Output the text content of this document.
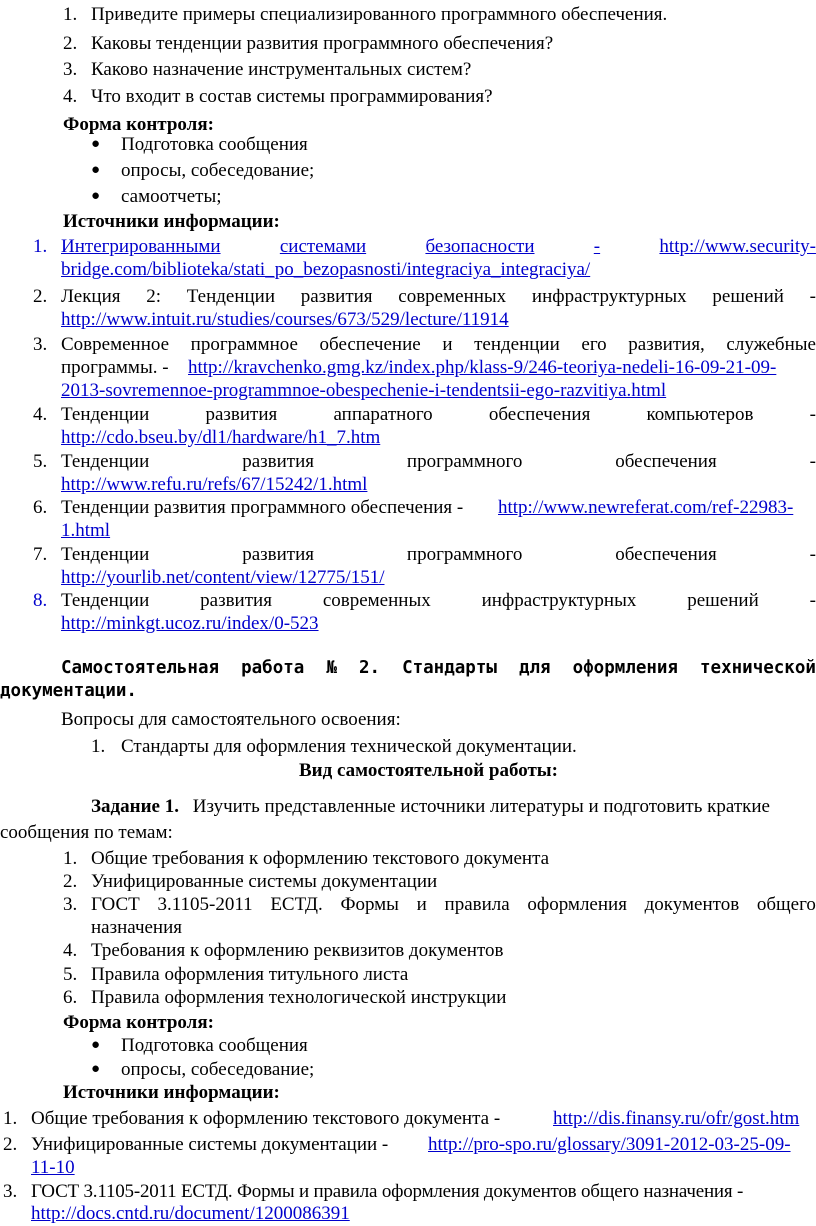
1. Приведите примеры специализированного программного обеспечения.
2. Каковы тенденции развития программного обеспечения?
3. Каково назначение инструментальных систем?
4. Что входит в состав системы программирования?
Форма контроля:
● Подготовка сообщения
● опросы, собеседование;
● самоотчеты;
Источники информации:
1. Интегрированными	системами	безопасности	-	http://www.security-
bridge.com/biblioteka/stati_po_bezopasnosti/integraciya_integraciya/
2. Лекция 2: Тенденции развития современных инфраструктурных решений -
http://www.intuit.ru/studies/courses/673/529/lecture/11914
3. Современное программное обеспечение и тенденции его развития, служебные
программы. - http://kravchenko.gmg.kz/index.php/klass-9/246-teoriya-nedeli-16-09-21-09-
2013-sovremennoe-programmnoe-obespechenie-i-tendentsii-ego-razvitiya.html
4. Тенденции	развития	аппаратного	обеспечения	компьютеров	-
http://cdo.bseu.by/dl1/hardware/h1_7.htm
5. Тенденции	развития	программного	обеспечения	-
http://www.refu.ru/refs/67/15242/1.html
6. Тенденции развития программного обеспечения - http://www.newreferat.com/ref-22983-
1.html
7. Тенденции	развития	программного	обеспечения	-
http://yourlib.net/content/view/12775/151/
8. Тенденции	развития	современных	инфраструктурных	решений	-
http://minkgt.ucoz.ru/index/0-523
Самостоятельная работа № 2. Стандарты для оформления технической
документации.
Вопросы для самостоятельного освоения:
1. Стандарты для оформления технической документации.
Вид самостоятельной работы:
Задание 1. Изучить представленные источники литературы и подготовить краткие
сообщения по темам:
1. Общие требования к оформлению текстового документа
2. Унифицированные системы документации
3. ГОСТ 3.1105-2011 ЕСТД. Формы и правила оформления документов общего
назначения
4. Требования к оформлению реквизитов документов
5. Правила оформления титульного листа
6. Правила оформления технологической инструкции
Форма контроля:
● Подготовка сообщения
● опросы, собеседование;
Источники информации:
1. Общие требования к оформлению текстового документа -	http://dis.finansy.ru/ofr/gost.htm
2. Унифицированные системы документации - http://pro-spo.ru/glossary/3091-2012-03-25-09-
11-10
3. ГОСТ 3.1105-2011 ЕСТД. Формы и правила оформления документов общего назначения -
http://docs.cntd.ru/document/1200086391
